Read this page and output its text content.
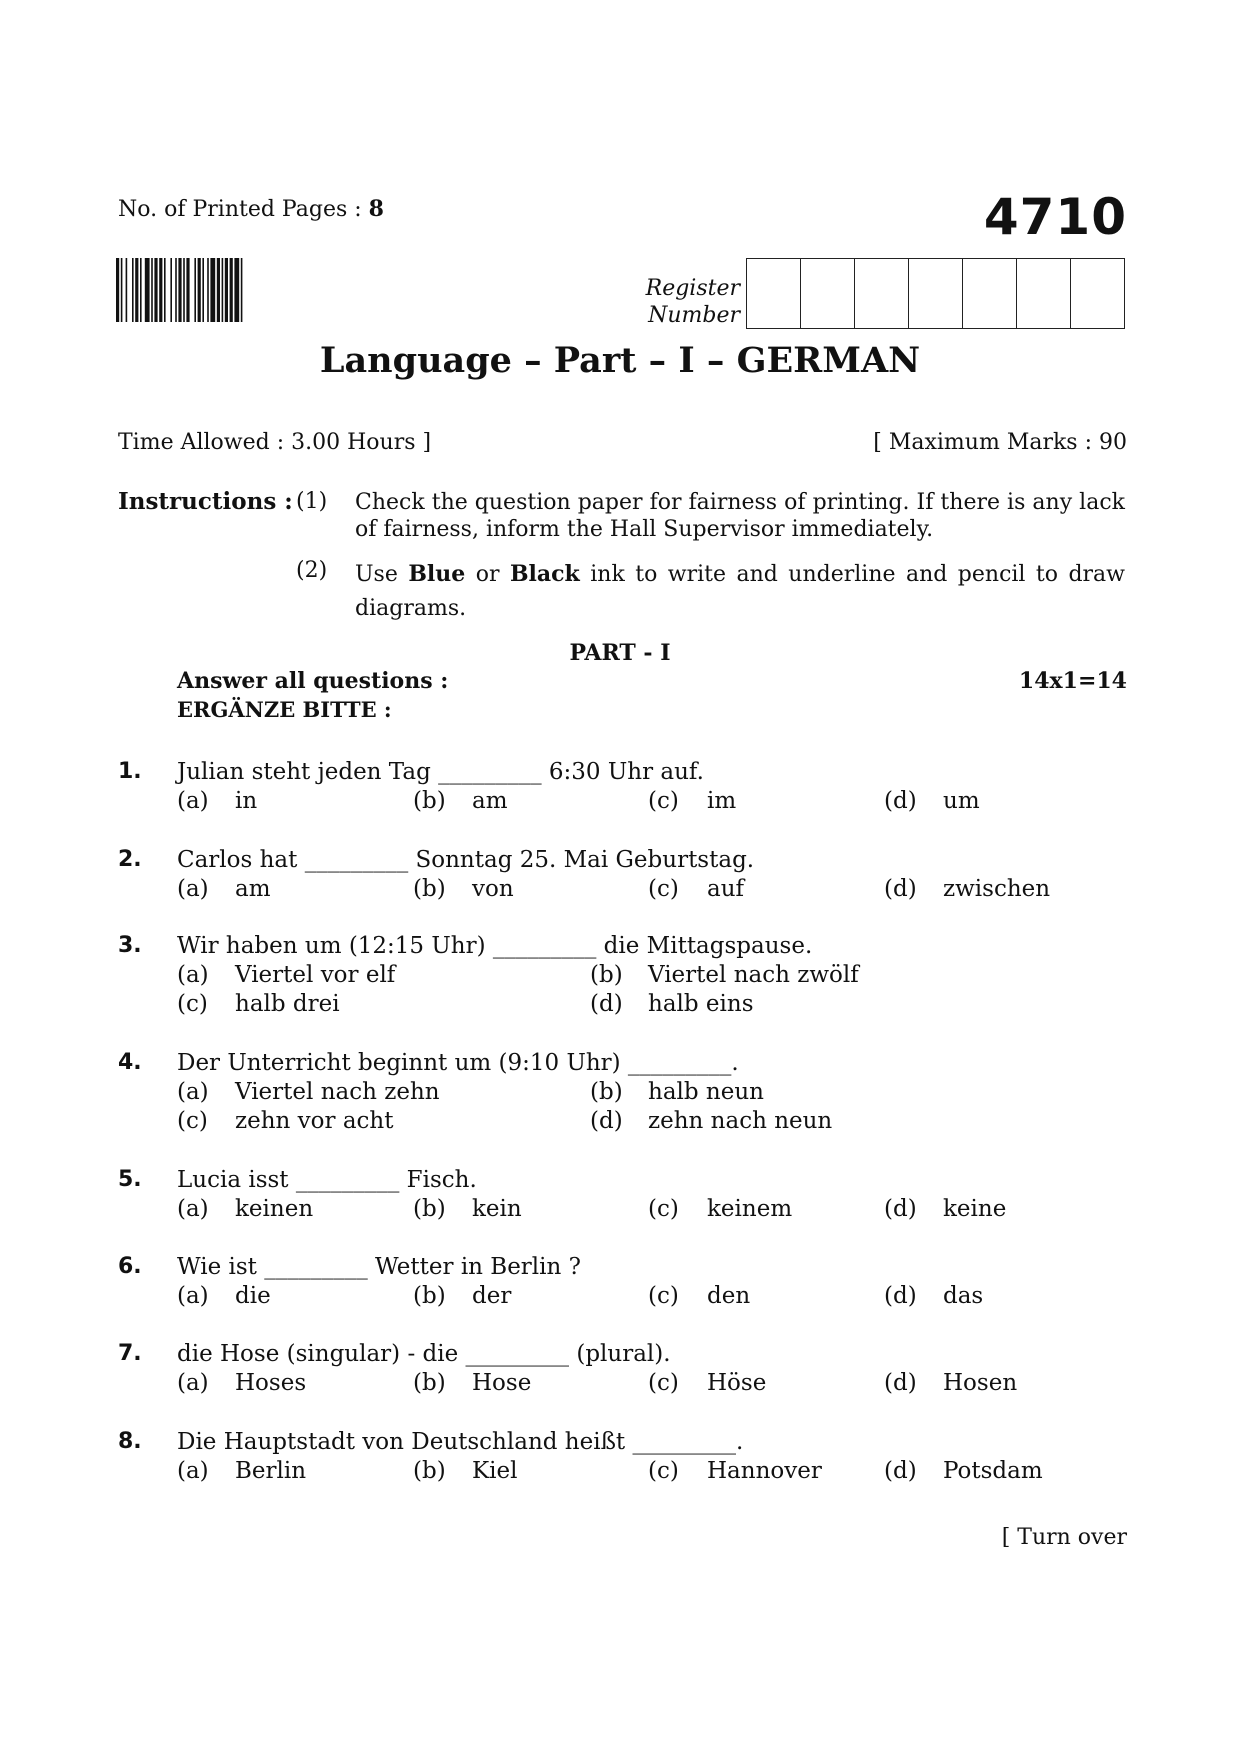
No. of Printed Pages : 8	4710
Register
Number
Language – Part – I – GERMAN
Time Allowed : 3.00 Hours ]	[ Maximum Marks : 90
Instructions : (1) Check the question paper for fairness of printing. If there is any lack of fairness, inform the Hall Supervisor immediately.
(2) Use Blue or Black ink to write and underline and pencil to draw diagrams.
PART - I
Answer all questions :	14x1=14
ERGÄNZE BITTE :
1. Julian steht jeden Tag _________ 6:30 Uhr auf.
(a) in	(b) am	(c) im	(d) um
2. Carlos hat _________ Sonntag 25. Mai Geburtstag.
(a) am	(b) von	(c) auf	(d) zwischen
3. Wir haben um (12:15 Uhr) _________ die Mittagspause.
(a) Viertel vor elf	(b) Viertel nach zwölf
(c) halb drei	(d) halb eins
4. Der Unterricht beginnt um (9:10 Uhr) _________.
(a) Viertel nach zehn	(b) halb neun
(c) zehn vor acht	(d) zehn nach neun
5. Lucia isst _________ Fisch.
(a) keinen	(b) kein	(c) keinem	(d) keine
6. Wie ist _________ Wetter in Berlin ?
(a) die	(b) der	(c) den	(d) das
7. die Hose (singular) - die _________ (plural).
(a) Hoses	(b) Hose	(c) Höse	(d) Hosen
8. Die Hauptstadt von Deutschland heißt _________.
(a) Berlin	(b) Kiel	(c) Hannover	(d) Potsdam
[ Turn over
